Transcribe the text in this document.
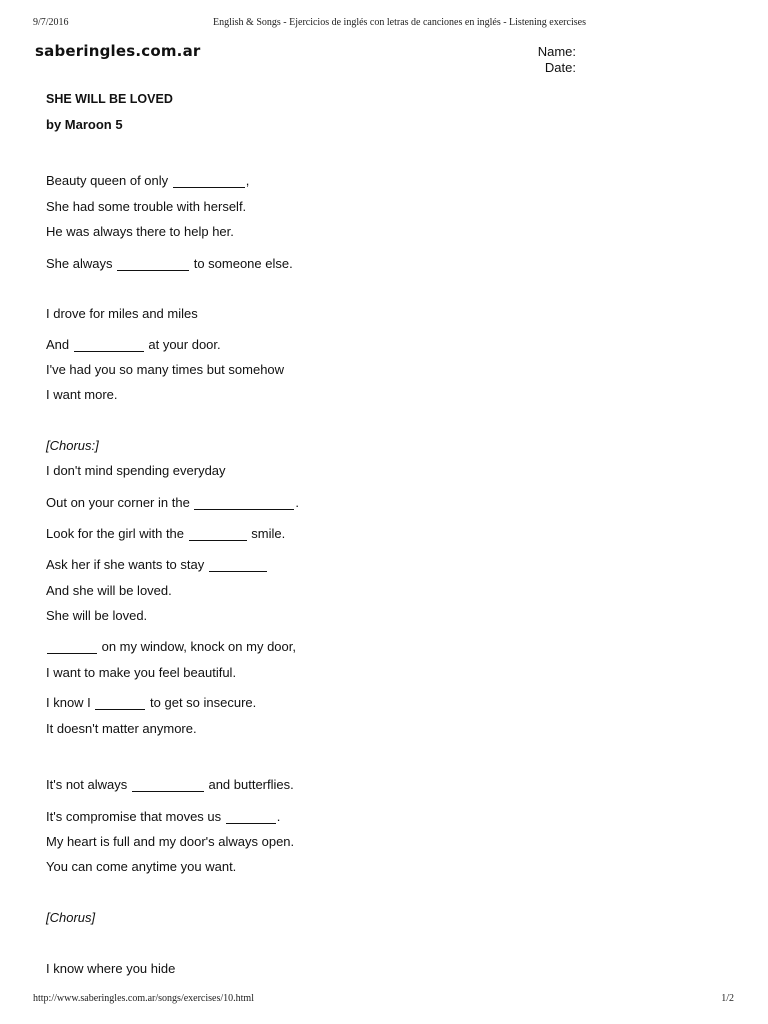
9/7/2016	English & Songs - Ejercicios de inglés con letras de canciones en inglés - Listening exercises
saberingles.com.ar	Name:
Date:
SHE WILL BE LOVED
by Maroon 5
Beauty queen of only	,
She had some trouble with herself.
He was always there to help her.
She always	to someone else.
I drove for miles and miles
And	at your door.
I've had you so many times but somehow
I want more.
[Chorus:]
I don't mind spending everyday
Out on your corner in the	.
Look for the girl with the	smile.
Ask her if she wants to stay
And she will be loved.
She will be loved.
on my window, knock on my door,
I want to make you feel beautiful.
I know I	to get so insecure.
It doesn't matter anymore.
It's not always	and butterflies.
It's compromise that moves us	.
My heart is full and my door's always open.
You can come anytime you want.
[Chorus]
I know where you hide
http://www.saberingles.com.ar/songs/exercises/10.html	1/2
